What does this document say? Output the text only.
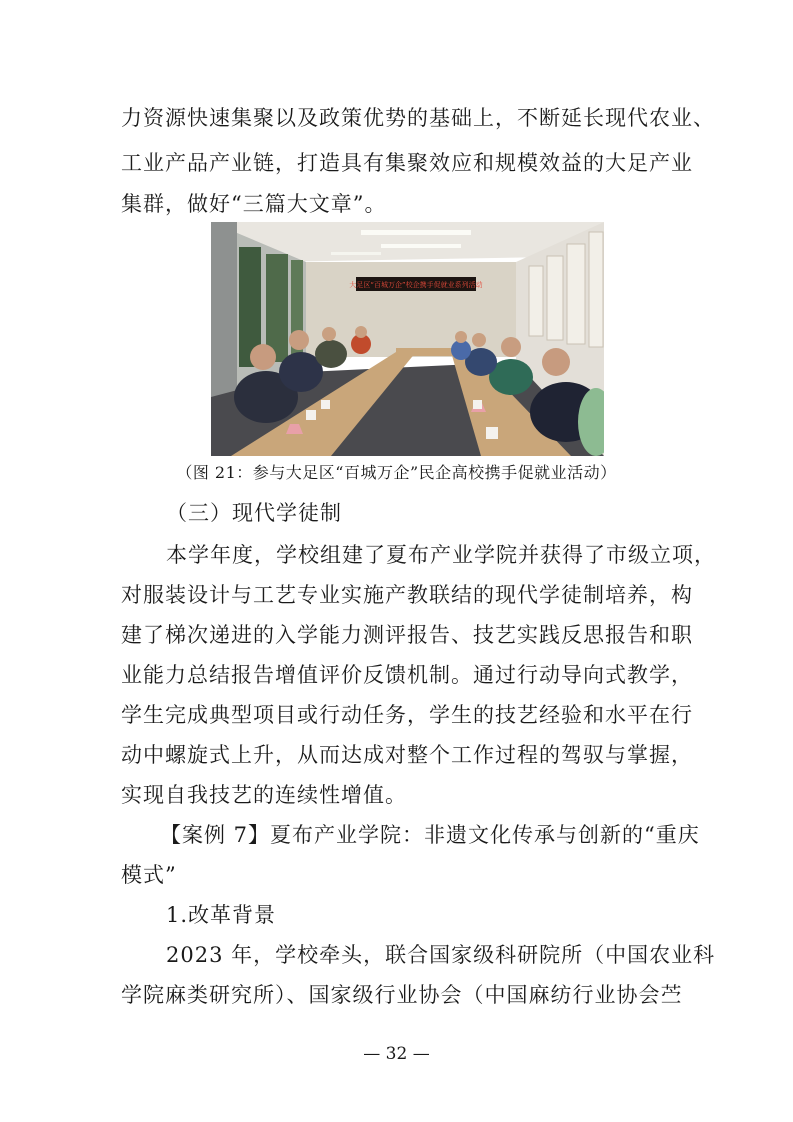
力资源快速集聚以及政策优势的基础上，不断延长现代农业、
工业产品产业链，打造具有集聚效应和规模效益的大足产业
集群，做好“三篇大文章”。
大足区“百城万企”校企携手促就业系列活动
（图 21：参与大足区“百城万企”民企高校携手促就业活动）
（三）现代学徒制
本学年度，学校组建了夏布产业学院并获得了市级立项，
对服装设计与工艺专业实施产教联结的现代学徒制培养，构
建了梯次递进的入学能力测评报告、技艺实践反思报告和职
业能力总结报告增值评价反馈机制。通过行动导向式教学，
学生完成典型项目或行动任务，学生的技艺经验和水平在行
动中螺旋式上升，从而达成对整个工作过程的驾驭与掌握，
实现自我技艺的连续性增值。
【案例 7】夏布产业学院：非遗文化传承与创新的“重庆
模式”
1.改革背景
2023 年，学校牵头，联合国家级科研院所（中国农业科
学院麻类研究所）、国家级行业协会（中国麻纺行业协会苎
— 32 —
